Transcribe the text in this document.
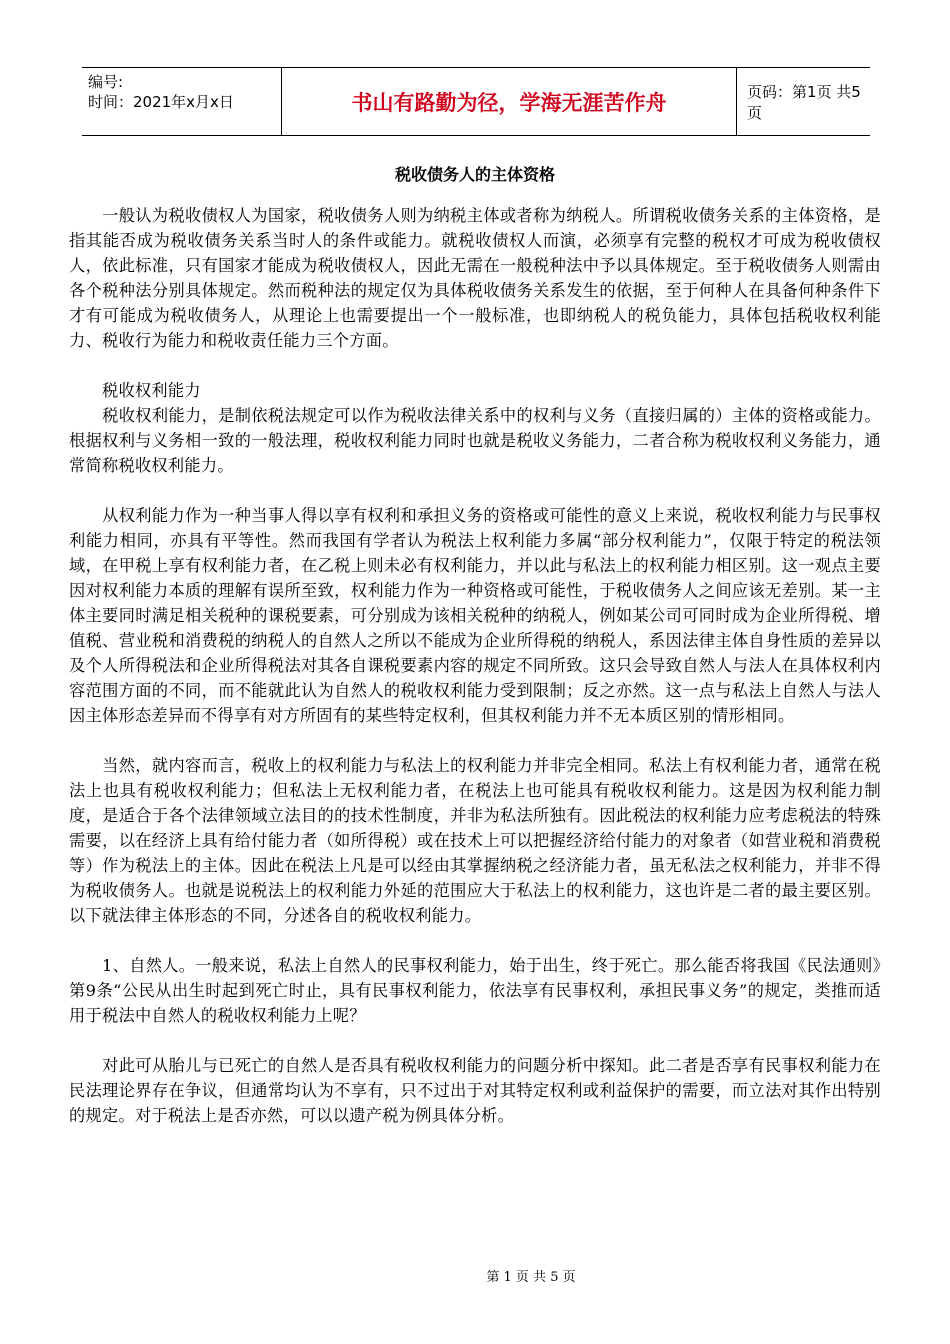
编号:
时间：2021年x月x日	书山有路勤为径，学海无涯苦作舟	页码：第1页 共5页
税收债务人的主体资格

　　一般认为税收债权人为国家，税收债务人则为纳税主体或者称为纳税人。所谓税收债务关系的主体资格，是指其能否成为税收债务关系当时人的条件或能力。就税收债权人而演，必须享有完整的税权才可成为税收债权人，依此标准，只有国家才能成为税收债权人，因此无需在一般税种法中予以具体规定。至于税收债务人则需由各个税种法分别具体规定。然而税种法的规定仅为具体税收债务关系发生的依据，至于何种人在具备何种条件下才有可能成为税收债务人，从理论上也需要提出一个一般标准，也即纳税人的税负能力，具体包括税收权利能力、税收行为能力和税收责任能力三个方面。

　　税收权利能力

　　税收权利能力，是制依税法规定可以作为税收法律关系中的权利与义务（直接归属的）主体的资格或能力。根据权利与义务相一致的一般法理，税收权利能力同时也就是税收义务能力，二者合称为税收权利义务能力，通常简称税收权利能力。

　　从权利能力作为一种当事人得以享有权利和承担义务的资格或可能性的意义上来说，税收权利能力与民事权利能力相同，亦具有平等性。然而我国有学者认为税法上权利能力多属“部分权利能力”，仅限于特定的税法领域，在甲税上享有权利能力者，在乙税上则未必有权利能力，并以此与私法上的权利能力相区别。这一观点主要因对权利能力本质的理解有误所至致，权利能力作为一种资格或可能性，于税收债务人之间应该无差别。某一主体主要同时满足相关税种的课税要素，可分别成为该相关税种的纳税人，例如某公司可同时成为企业所得税、增值税、营业税和消费税的纳税人的自然人之所以不能成为企业所得税的纳税人，系因法律主体自身性质的差异以及个人所得税法和企业所得税法对其各自课税要素内容的规定不同所致。这只会导致自然人与法人在具体权利内容范围方面的不同，而不能就此认为自然人的税收权利能力受到限制；反之亦然。这一点与私法上自然人与法人因主体形态差异而不得享有对方所固有的某些特定权利，但其权利能力并不无本质区别的情形相同。

　　当然，就内容而言，税收上的权利能力与私法上的权利能力并非完全相同。私法上有权利能力者，通常在税法上也具有税收权利能力；但私法上无权利能力者，在税法上也可能具有税收权利能力。这是因为权利能力制度，是适合于各个法律领域立法目的的技术性制度，并非为私法所独有。因此税法的权利能力应考虑税法的特殊需要，以在经济上具有给付能力者（如所得税）或在技术上可以把握经济给付能力的对象者（如营业税和消费税等）作为税法上的主体。因此在税法上凡是可以经由其掌握纳税之经济能力者，虽无私法之权利能力，并非不得为税收债务人。也就是说税法上的权利能力外延的范围应大于私法上的权利能力，这也许是二者的最主要区别。以下就法律主体形态的不同，分述各自的税收权利能力。

　　1、自然人。一般来说，私法上自然人的民事权利能力，始于出生，终于死亡。那么能否将我国《民法通则》第9条“公民从出生时起到死亡时止，具有民事权利能力，依法享有民事权利，承担民事义务”的规定，类推而适用于税法中自然人的税收权利能力上呢？

　　对此可从胎儿与已死亡的自然人是否具有税收权利能力的问题分析中探知。此二者是否享有民事权利能力在民法理论界存在争议，但通常均认为不享有，只不过出于对其特定权利或利益保护的需要，而立法对其作出特别的规定。对于税法上是否亦然，可以以遗产税为例具体分析。

第 1 页 共 5 页
